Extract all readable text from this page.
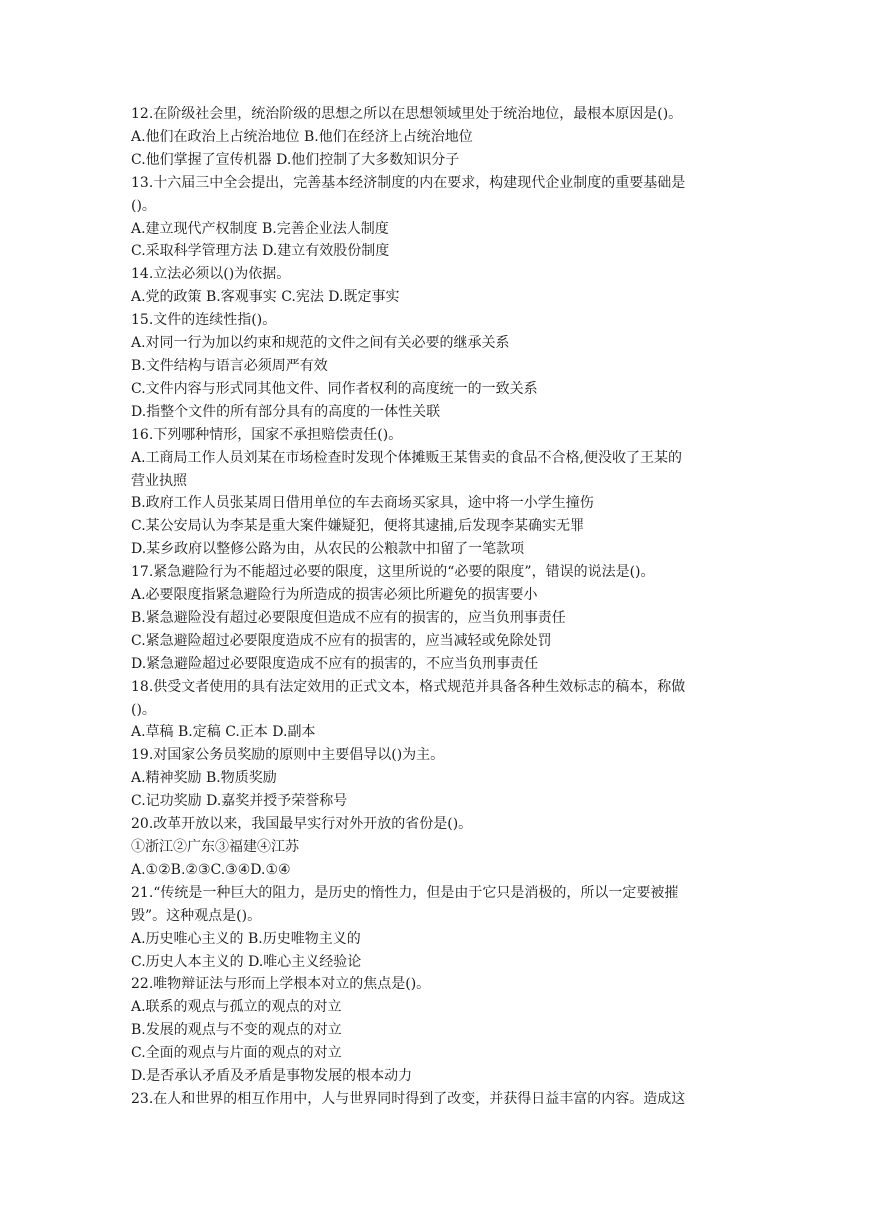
12.在阶级社会里，统治阶级的思想之所以在思想领域里处于统治地位，最根本原因是()。
A.他们在政治上占统治地位 B.他们在经济上占统治地位
C.他们掌握了宣传机器 D.他们控制了大多数知识分子
13.十六届三中全会提出，完善基本经济制度的内在要求，构建现代企业制度的重要基础是
()。
A.建立现代产权制度 B.完善企业法人制度
C.采取科学管理方法 D.建立有效股份制度
14.立法必须以()为依据。
A.党的政策 B.客观事实 C.宪法 D.既定事实
15.文件的连续性指()。
A.对同一行为加以约束和规范的文件之间有关必要的继承关系
B.文件结构与语言必须周严有效
C.文件内容与形式同其他文件、同作者权利的高度统一的一致关系
D.指整个文件的所有部分具有的高度的一体性关联
16.下列哪种情形，国家不承担赔偿责任()。
A.工商局工作人员刘某在市场检查时发现个体摊贩王某售卖的食品不合格,便没收了王某的
营业执照
B.政府工作人员张某周日借用单位的车去商场买家具，途中将一小学生撞伤
C.某公安局认为李某是重大案件嫌疑犯，便将其逮捕,后发现李某确实无罪
D.某乡政府以整修公路为由，从农民的公粮款中扣留了一笔款项
17.紧急避险行为不能超过必要的限度，这里所说的“必要的限度”，错误的说法是()。
A.必要限度指紧急避险行为所造成的损害必须比所避免的损害要小
B.紧急避险没有超过必要限度但造成不应有的损害的，应当负刑事责任
C.紧急避险超过必要限度造成不应有的损害的，应当减轻或免除处罚
D.紧急避险超过必要限度造成不应有的损害的，不应当负刑事责任
18.供受文者使用的具有法定效用的正式文本，格式规范并具备各种生效标志的稿本，称做
()。
A.草稿 B.定稿 C.正本 D.副本
19.对国家公务员奖励的原则中主要倡导以()为主。
A.精神奖励 B.物质奖励
C.记功奖励 D.嘉奖并授予荣誉称号
20.改革开放以来，我国最早实行对外开放的省份是()。
①浙江②广东③福建④江苏
A.①②B.②③C.③④D.①④
21.“传统是一种巨大的阻力，是历史的惰性力，但是由于它只是消极的，所以一定要被摧
毁”。这种观点是()。
A.历史唯心主义的 B.历史唯物主义的
C.历史人本主义的 D.唯心主义经验论
22.唯物辩证法与形而上学根本对立的焦点是()。
A.联系的观点与孤立的观点的对立
B.发展的观点与不变的观点的对立
C.全面的观点与片面的观点的对立
D.是否承认矛盾及矛盾是事物发展的根本动力
23.在人和世界的相互作用中，人与世界同时得到了改变，并获得日益丰富的内容。造成这
